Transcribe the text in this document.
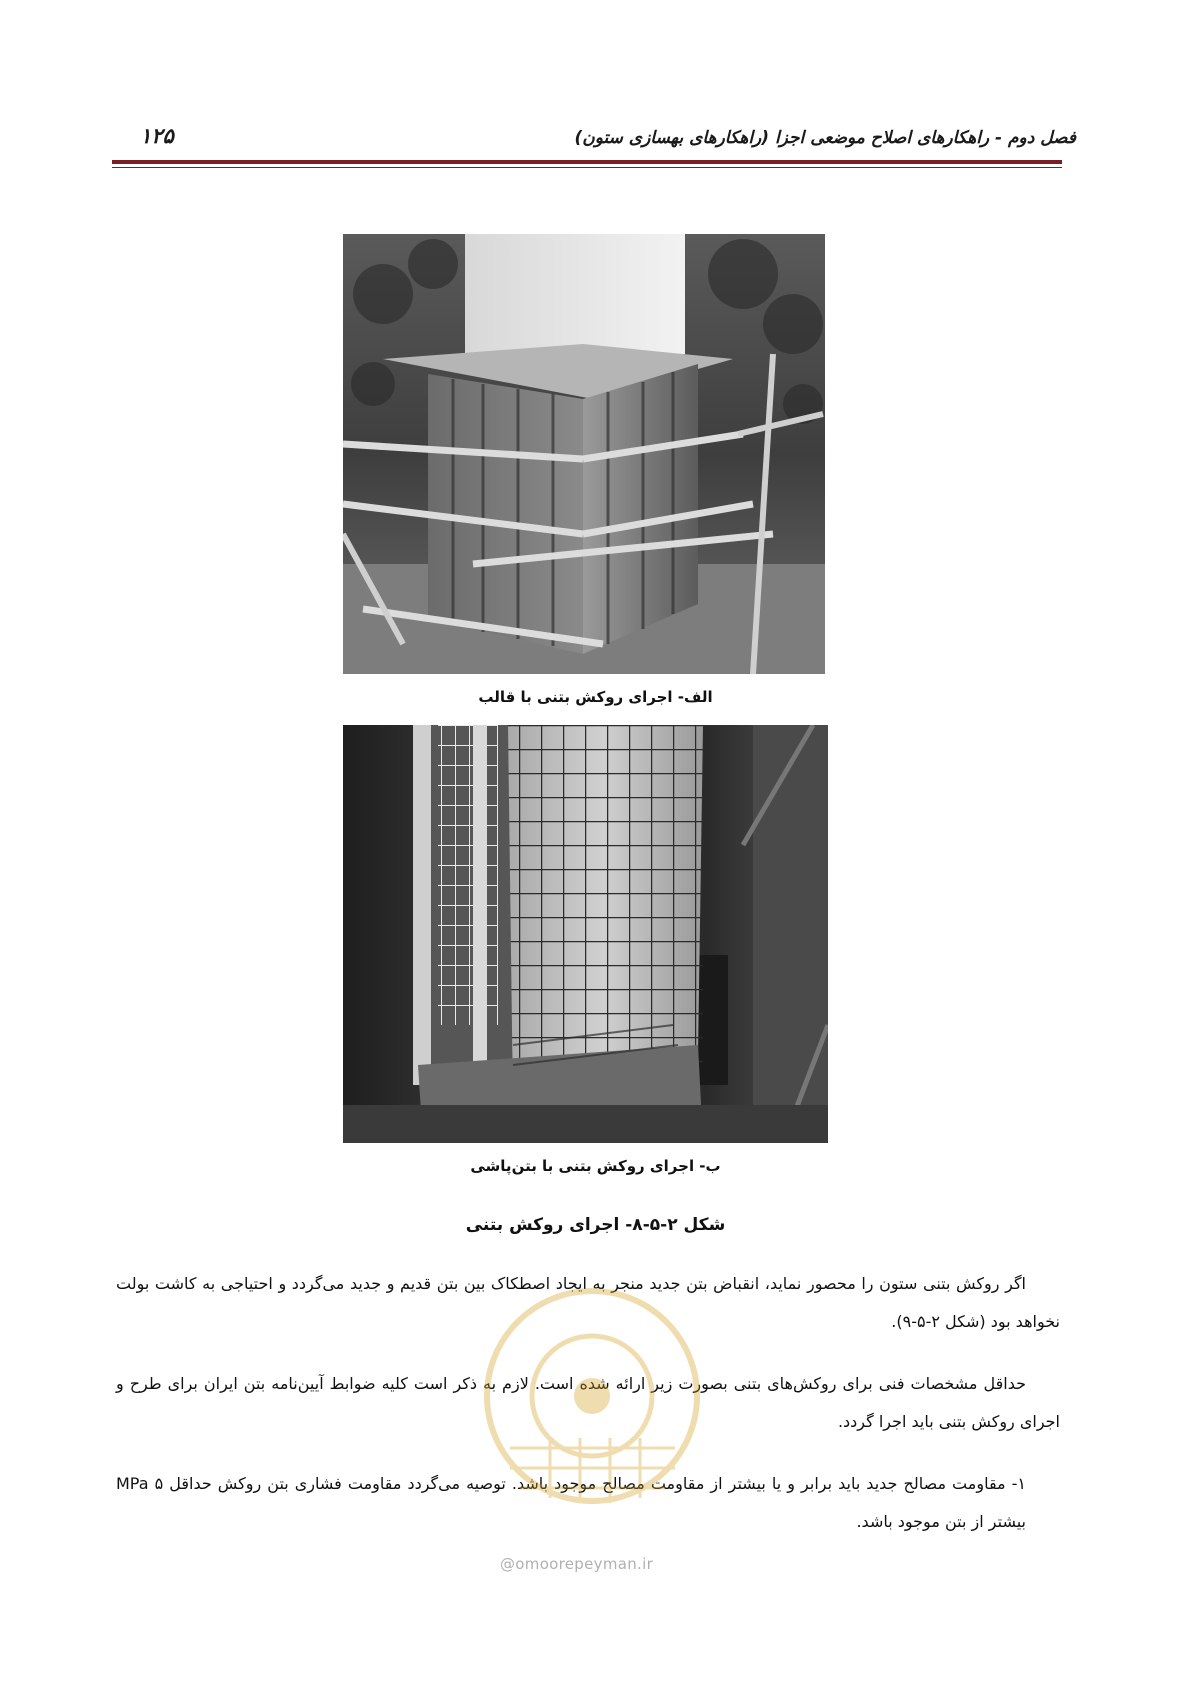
فصل دوم - راهکارهای اصلاح موضعی اجزا (راهکارهای بهسازی ستون)
۱۲۵
الف- اجرای روکش بتنی با قالب
ب- اجرای روکش بتنی با بتن‌پاشی
شکل ۲-۵-۸- اجرای روکش بتنی
اگر روکش بتنی ستون را محصور نماید، انقباض بتن جدید منجر به ایجاد اصطکاک بین بتن قدیم و جدید می‌گردد و احتیاجی به کاشت بولت نخواهد بود (شکل ۲-۵-۹).
حداقل مشخصات فنی برای روکش‌های بتنی بصورت زیر ارائه شده است. لازم به ذکر است کلیه ضوابط آیین‌نامه بتن ایران برای طرح و اجرای روکش بتنی باید اجرا گردد.
۱- مقاومت مصالح جدید باید برابر و یا بیشتر از مقاومت مصالح موجود باشد. توصیه می‌گردد مقاومت فشاری بتن روکش حداقل MPa ۵ بیشتر از بتن موجود باشد.
@omoorepeyman.ir
